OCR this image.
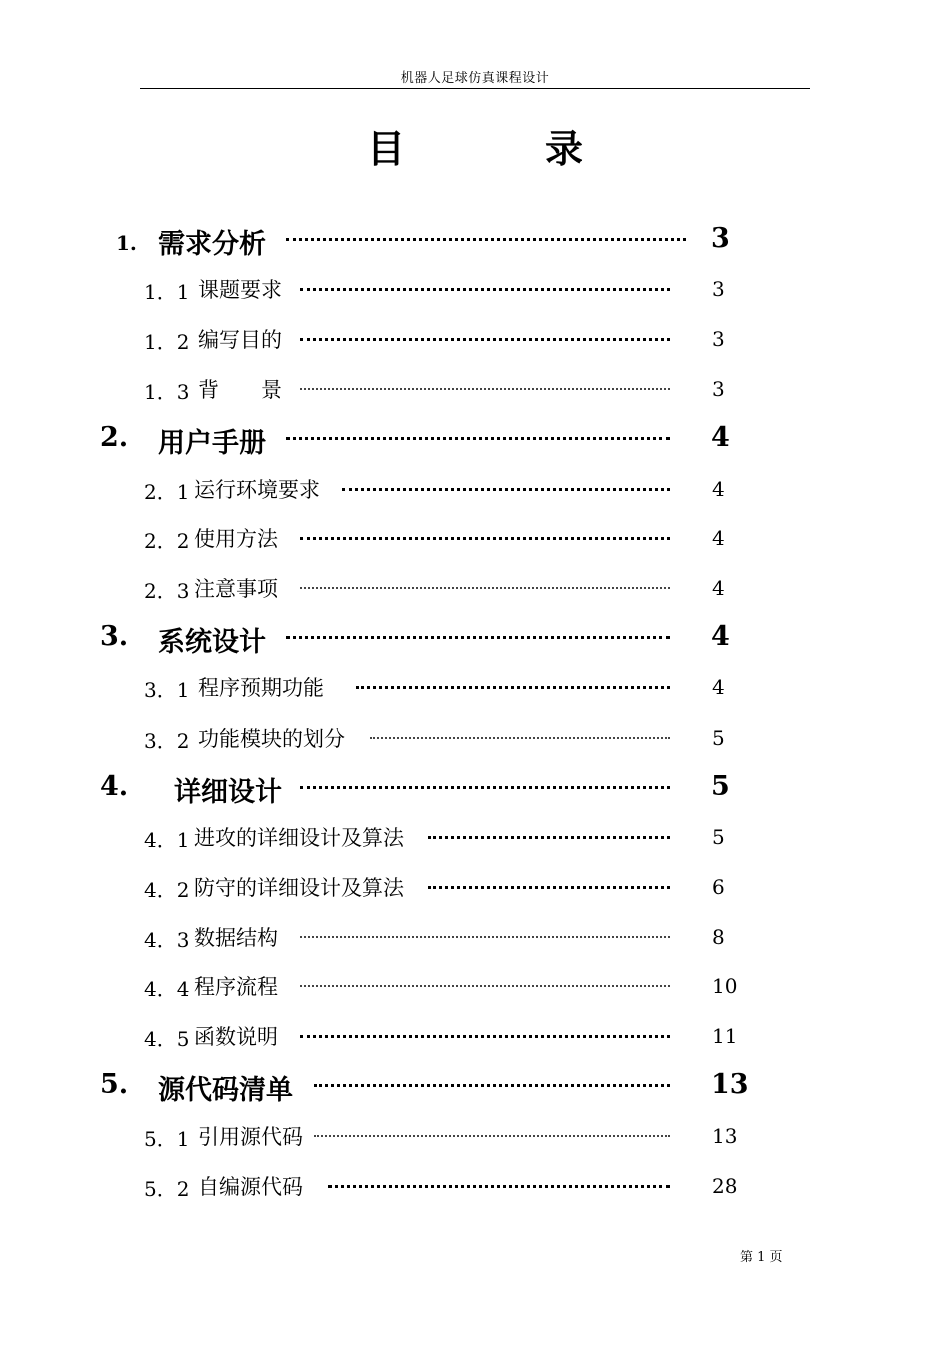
机器人足球仿真课程设计
目	录
1. 需求分析	3
1．1 课题要求	3
1．2 编写目的	3
1．3 背　　景	3
2. 用户手册	4
2．1 运行环境要求	4
2．2 使用方法	4
2．3 注意事项	4
3. 系统设计	4
3．1 程序预期功能	4
3．2 功能模块的划分	5
4. 详细设计	5
4．1 进攻的详细设计及算法	5
4．2 防守的详细设计及算法	6
4．3 数据结构	8
4．4 程序流程	10
4．5 函数说明	11
5. 源代码清单	13
5．1 引用源代码	13
5．2 自编源代码	28
第 1 页
